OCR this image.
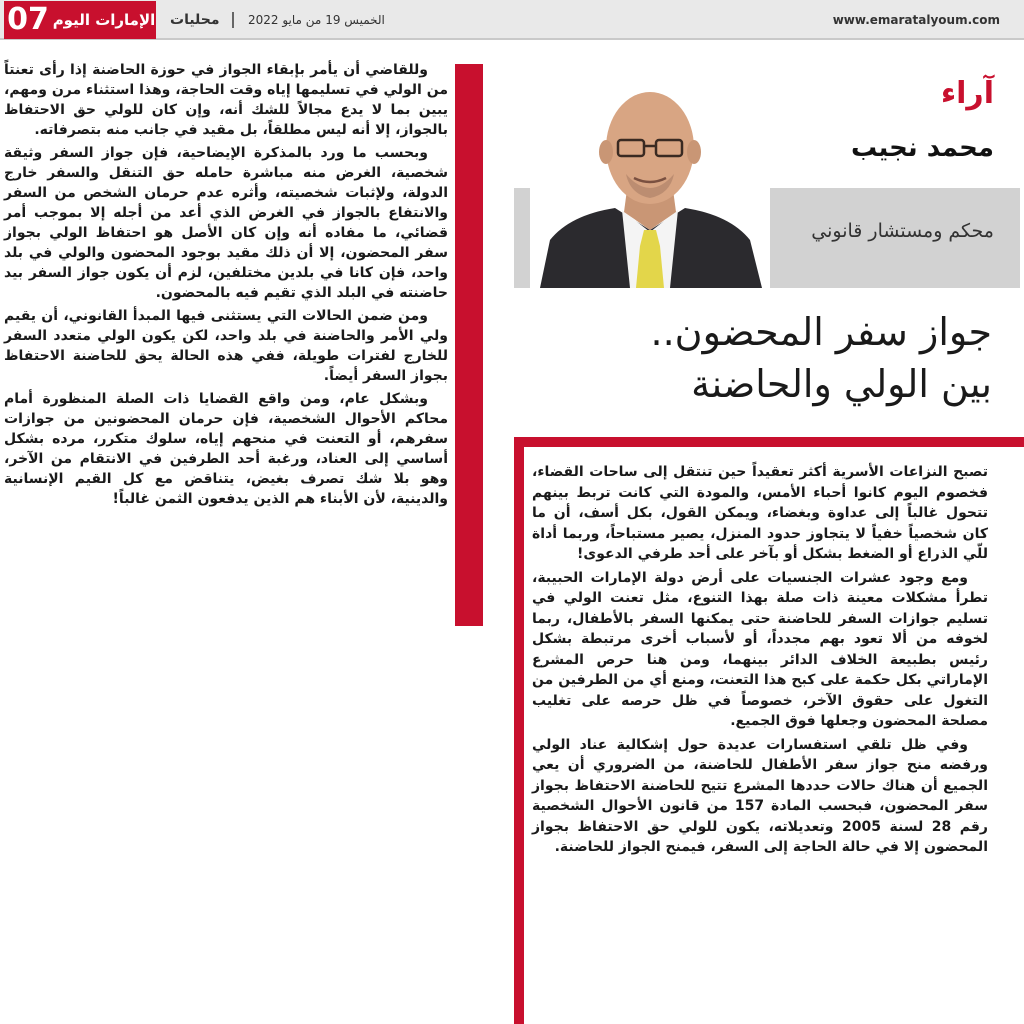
07 الإمارات اليوم محليات الخميس 19 من مايو 2022	www.emaratalyoum.com

وللقاضي أن يأمر بإبقاء الجواز في حوزة الحاضنة إذا رأى تعنتاً من الولي في تسليمها إياه وقت الحاجة، وهذا استثناء مرن ومهم، يبين بما لا يدع مجالاً للشك أنه، وإن كان للولي حق الاحتفاظ بالجواز، إلا أنه ليس مطلقاً، بل مقيد في جانب منه بتصرفاته.

وبحسب ما ورد بالمذكرة الإيضاحية، فإن جواز السفر وثيقة شخصية، الغرض منه مباشرة حامله حق التنقل والسفر خارج الدولة، ولإثبات شخصيته، وأثره عدم حرمان الشخص من السفر والانتفاع بالجواز في الغرض الذي أعد من أجله إلا بموجب أمر قضائي، ما مفاده أنه وإن كان الأصل هو احتفاظ الولي بجواز سفر المحضون، إلا أن ذلك مقيد بوجود المحضون والولي في بلد واحد، فإن كانا في بلدين مختلفين، لزم أن يكون جواز السفر بيد حاضنته في البلد الذي تقيم فيه بالمحضون.

ومن ضمن الحالات التي يستثنى فيها المبدأ القانوني، أن يقيم ولي الأمر والحاضنة في بلد واحد، لكن يكون الولي متعدد السفر للخارج لفترات طويلة، ففي هذه الحالة يحق للحاضنة الاحتفاظ بجواز السفر أيضاً.

وبشكل عام، ومن واقع القضايا ذات الصلة المنظورة أمام محاكم الأحوال الشخصية، فإن حرمان المحضونين من جوازات سفرهم، أو التعنت في منحهم إياه، سلوك متكرر، مرده بشكل أساسي إلى العناد، ورغبة أحد الطرفين في الانتقام من الآخر، وهو بلا شك تصرف بغيض، يتناقض مع كل القيم الإنسانية والدينية، لأن الأبناء هم الذين يدفعون الثمن غالباً!

آراء
محمد نجيب
محكم ومستشار قانوني
جواز سفر المحضون..
بين الولي والحاضنة

تصبح النزاعات الأسرية أكثر تعقيداً حين تنتقل إلى ساحات القضاء، فخصوم اليوم كانوا أحباء الأمس، والمودة التي كانت تربط بينهم تتحول غالباً إلى عداوة وبغضاء، ويمكن القول، بكل أسف، أن ما كان شخصياً خفياً لا يتجاوز حدود المنزل، يصير مستباحاً، وربما أداة للّي الذراع أو الضغط بشكل أو بآخر على أحد طرفي الدعوى!

ومع وجود عشرات الجنسيات على أرض دولة الإمارات الحبيبة، تطرأ مشكلات معينة ذات صلة بهذا التنوع، مثل تعنت الولي في تسليم جوازات السفر للحاضنة حتى يمكنها السفر بالأطفال، ربما لخوفه من ألا تعود بهم مجدداً، أو لأسباب أخرى مرتبطة بشكل رئيس بطبيعة الخلاف الدائر بينهما، ومن هنا حرص المشرع الإماراتي بكل حكمة على كبح هذا التعنت، ومنع أي من الطرفين من التغول على حقوق الآخر، خصوصاً في ظل حرصه على تغليب مصلحة المحضون وجعلها فوق الجميع.

وفي ظل تلقي استفسارات عديدة حول إشكالية عناد الولي ورفضه منح جواز سفر الأطفال للحاضنة، من الضروري أن يعي الجميع أن هناك حالات حددها المشرع تتيح للحاضنة الاحتفاظ بجواز سفر المحضون، فبحسب المادة 157 من قانون الأحوال الشخصية رقم 28 لسنة 2005 وتعديلاته، يكون للولي حق الاحتفاظ بجواز المحضون إلا في حالة الحاجة إلى السفر، فيمنح الجواز للحاضنة.
